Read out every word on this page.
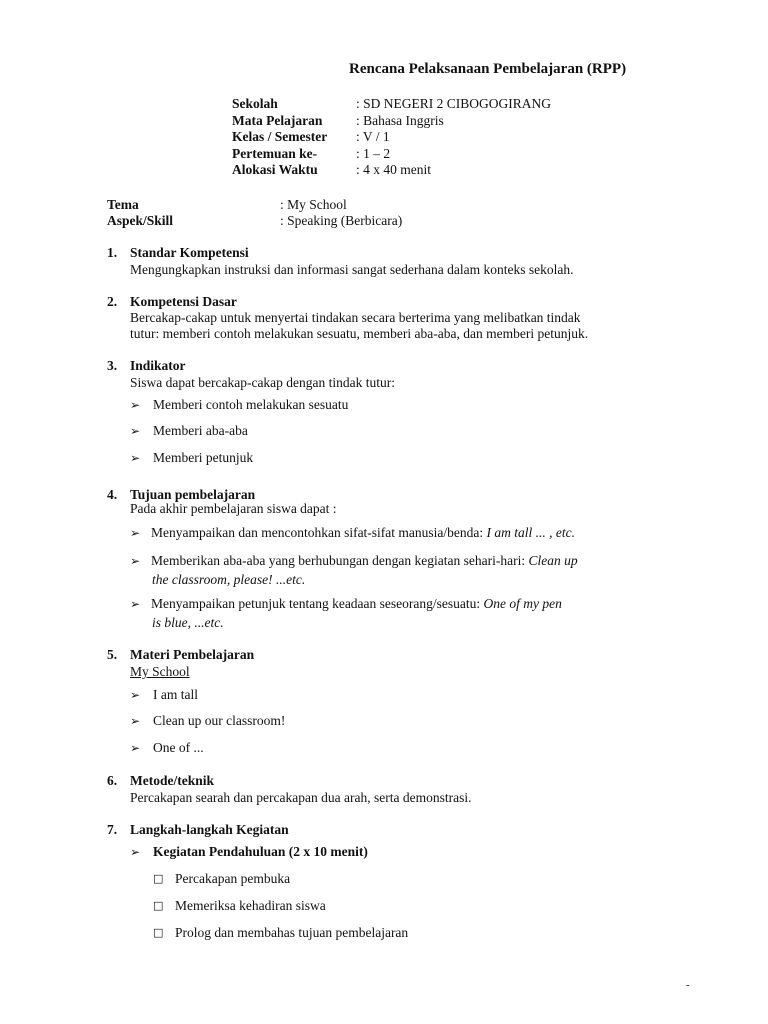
Rencana Pelaksanaan Pembelajaran (RPP)
Sekolah	: SD NEGERI 2 CIBOGOGIRANG
Mata Pelajaran : Bahasa Inggris
Kelas / Semester : V / 1
Pertemuan ke-	: 1 – 2
Alokasi Waktu	: 4 x 40 menit
Tema	: My School
Aspek/Skill	: Speaking (Berbicara)
1. Standar Kompetensi
Mengungkapkan instruksi dan informasi sangat sederhana dalam konteks sekolah.
2. Kompetensi Dasar
Bercakap-cakap untuk menyertai tindakan secara berterima yang melibatkan tindak
tutur: memberi contoh melakukan sesuatu, memberi aba-aba, dan memberi petunjuk.
3. Indikator
Siswa dapat bercakap-cakap dengan tindak tutur:
➢ Memberi contoh melakukan sesuatu
➢ Memberi aba-aba
➢ Memberi petunjuk
4. Tujuan pembelajaran
Pada akhir pembelajaran siswa dapat :
➢ Menyampaikan dan mencontohkan sifat-sifat manusia/benda: I am tall ... , etc.
➢ Memberikan aba-aba yang berhubungan dengan kegiatan sehari-hari: Clean up
the classroom, please! ...etc.
➢ Menyampaikan petunjuk tentang keadaan seseorang/sesuatu: One of my pen
is blue, ...etc.
5. Materi Pembelajaran
My School
➢ I am tall
➢ Clean up our classroom!
➢ One of ...
6. Metode/teknik
Percakapan searah dan percakapan dua arah, serta demonstrasi.
7. Langkah-langkah Kegiatan
➢ Kegiatan Pendahuluan (2 x 10 menit)
□ Percakapan pembuka
□ Memeriksa kehadiran siswa
□ Prolog dan membahas tujuan pembelajaran
-
